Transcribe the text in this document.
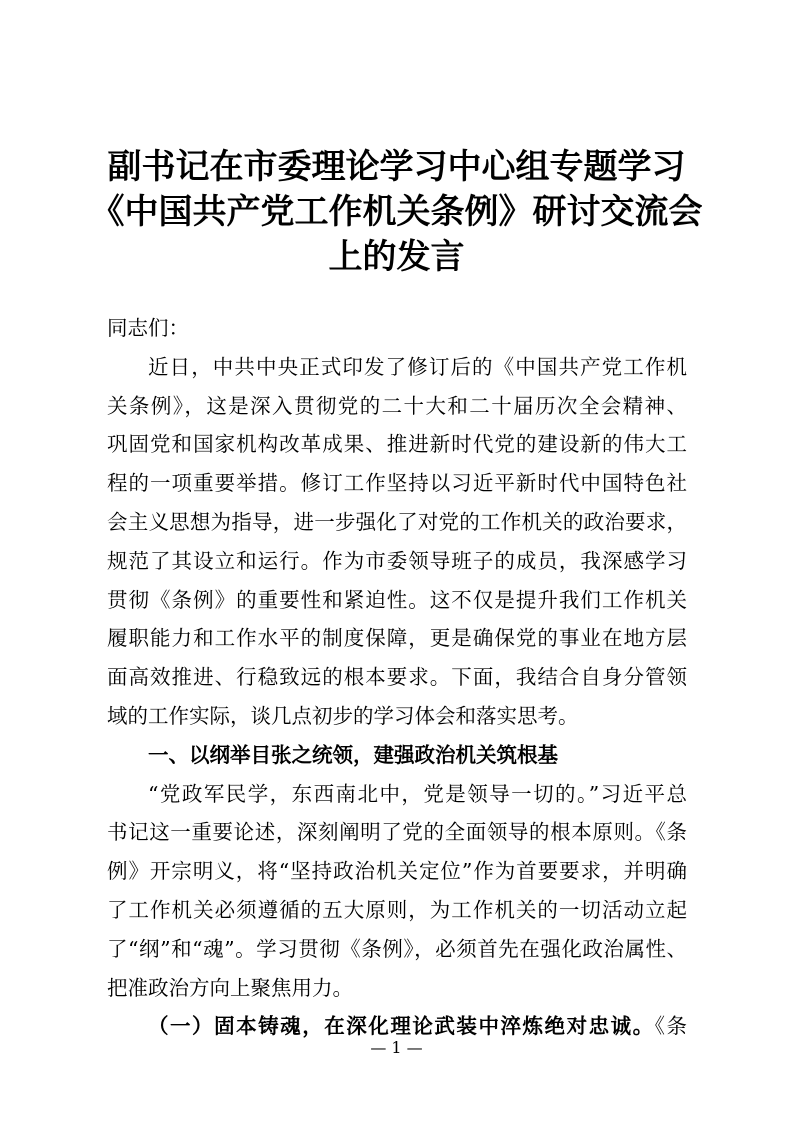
副书记在市委理论学习中心组专题学习
《中国共产党工作机关条例》研讨交流会
上的发言
同志们：
近日，中共中央正式印发了修订后的《中国共产党工作机
关条例》，这是深入贯彻党的二十大和二十届历次全会精神、
巩固党和国家机构改革成果、推进新时代党的建设新的伟大工
程的一项重要举措。修订工作坚持以习近平新时代中国特色社
会主义思想为指导，进一步强化了对党的工作机关的政治要求，
规范了其设立和运行。作为市委领导班子的成员，我深感学习
贯彻《条例》的重要性和紧迫性。这不仅是提升我们工作机关
履职能力和工作水平的制度保障，更是确保党的事业在地方层
面高效推进、行稳致远的根本要求。下面，我结合自身分管领
域的工作实际，谈几点初步的学习体会和落实思考。
一、以纲举目张之统领，建强政治机关筑根基
“党政军民学，东西南北中，党是领导一切的。”习近平总
书记这一重要论述，深刻阐明了党的全面领导的根本原则。《条
例》开宗明义，将“坚持政治机关定位”作为首要要求，并明确
了工作机关必须遵循的五大原则，为工作机关的一切活动立起
了“纲”和“魂”。学习贯彻《条例》，必须首先在强化政治属性、
把准政治方向上聚焦用力。
（一）固本铸魂，在深化理论武装中淬炼绝对忠诚。《条
— 1 —
